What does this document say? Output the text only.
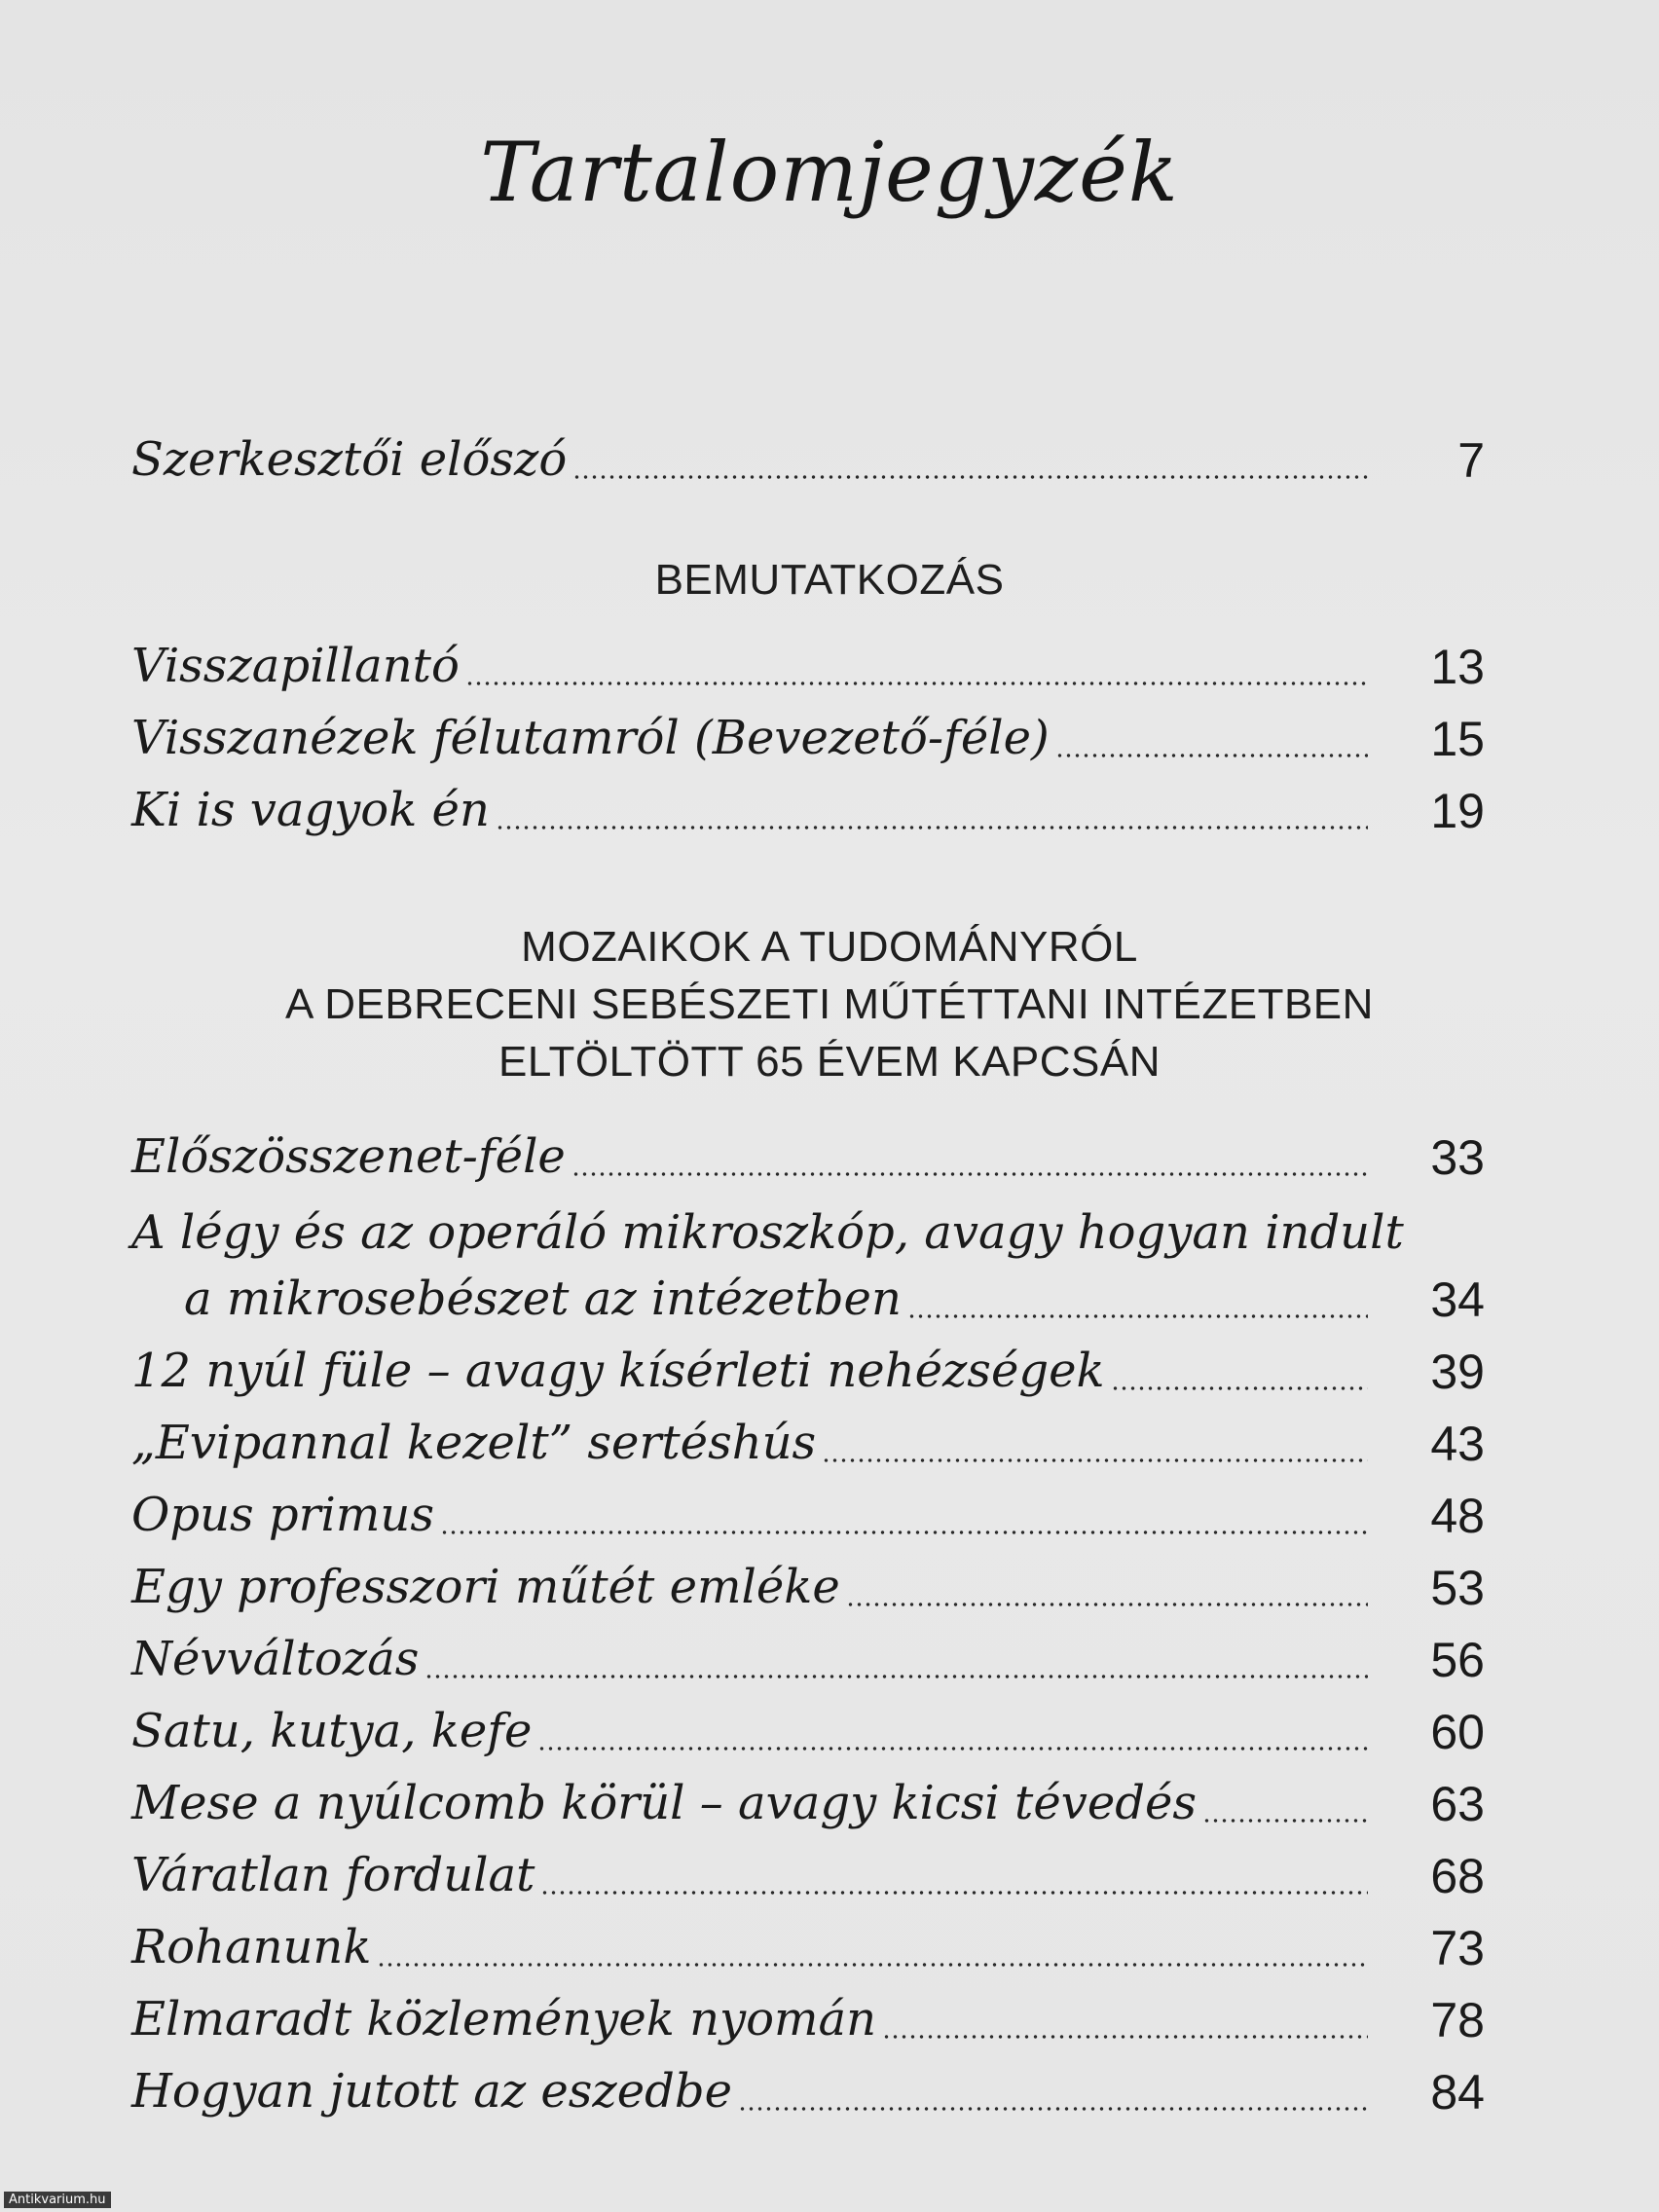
Tartalomjegyzék
Szerkesztői előszó	7
BEMUTATKOZÁS
Visszapillantó	13
Visszanézek félutamról (Bevezető-féle)	15
Ki is vagyok én	19
MOZAIKOK A TUDOMÁNYRÓL
A DEBRECENI SEBÉSZETI MŰTÉTTANI INTÉZETBEN
ELTÖLTÖTT 65 ÉVEM KAPCSÁN
Előszösszenet-féle	33
A légy és az operáló mikroszkóp, avagy hogyan indult
a mikrosebészet az intézetben	34
12 nyúl füle – avagy kísérleti nehézségek	39
„Evipannal kezelt” sertéshús	43
Opus primus	48
Egy professzori műtét emléke	53
Névváltozás	56
Satu, kutya, kefe	60
Mese a nyúlcomb körül – avagy kicsi tévedés	63
Váratlan fordulat	68
Rohanunk	73
Elmaradt közlemények nyomán	78
Hogyan jutott az eszedbe	84
Antikvarium.hu
